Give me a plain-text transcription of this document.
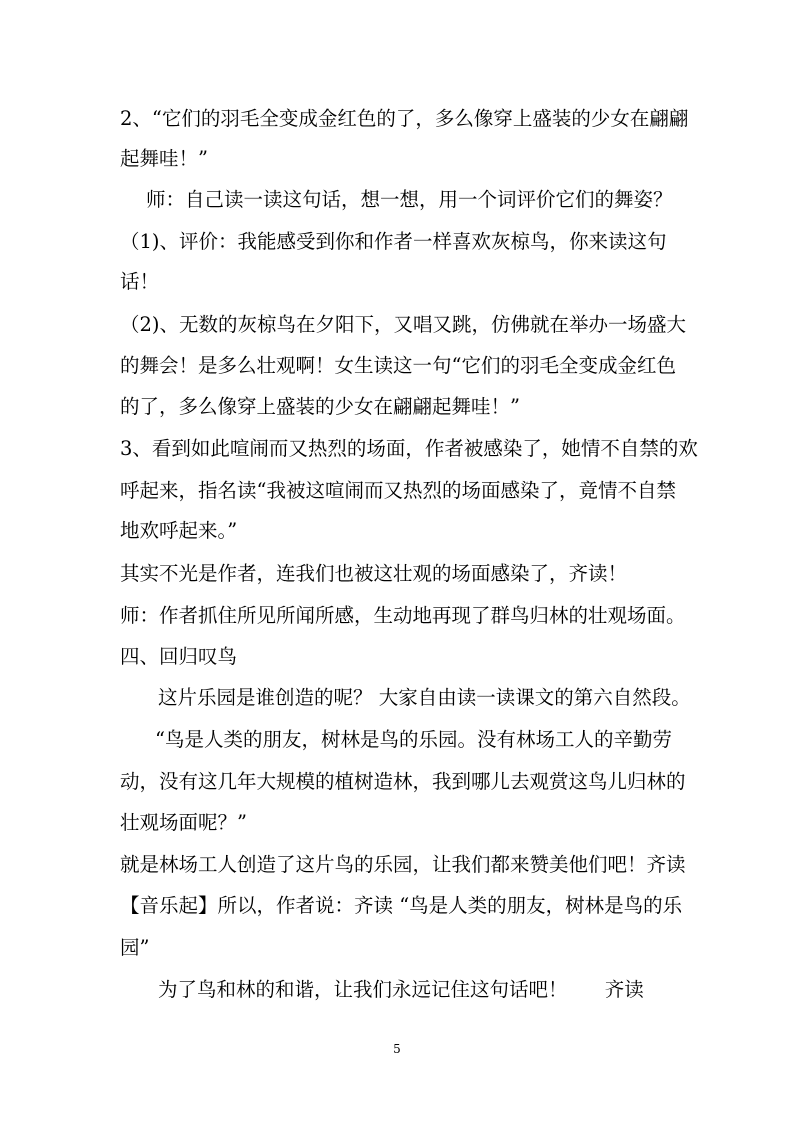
2、“它们的羽毛全变成金红色的了，多么像穿上盛装的少女在翩翩
起舞哇！”
师：自己读一读这句话，想一想，用一个词评价它们的舞姿？
（1)、评价：我能感受到你和作者一样喜欢灰椋鸟，你来读这句
话！
（2)、无数的灰椋鸟在夕阳下，又唱又跳，仿佛就在举办一场盛大
的舞会！是多么壮观啊！女生读这一句“它们的羽毛全变成金红色
的了，多么像穿上盛装的少女在翩翩起舞哇！”
3、看到如此喧闹而又热烈的场面，作者被感染了，她情不自禁的欢
呼起来，指名读“我被这喧闹而又热烈的场面感染了，竟情不自禁
地欢呼起来。”
其实不光是作者，连我们也被这壮观的场面感染了，齐读！
师：作者抓住所见所闻所感，生动地再现了群鸟归林的壮观场面。
四、回归叹鸟
这片乐园是谁创造的呢？ 大家自由读一读课文的第六自然段。
“鸟是人类的朋友，树林是鸟的乐园。没有林场工人的辛勤劳
动，没有这几年大规模的植树造林，我到哪儿去观赏这鸟儿归林的
壮观场面呢？”
就是林场工人创造了这片鸟的乐园，让我们都来赞美他们吧！齐读
【音乐起】所以，作者说：齐读 “鸟是人类的朋友，树林是鸟的乐
园”
为了鸟和林的和谐，让我们永远记住这句话吧！      齐读
5
